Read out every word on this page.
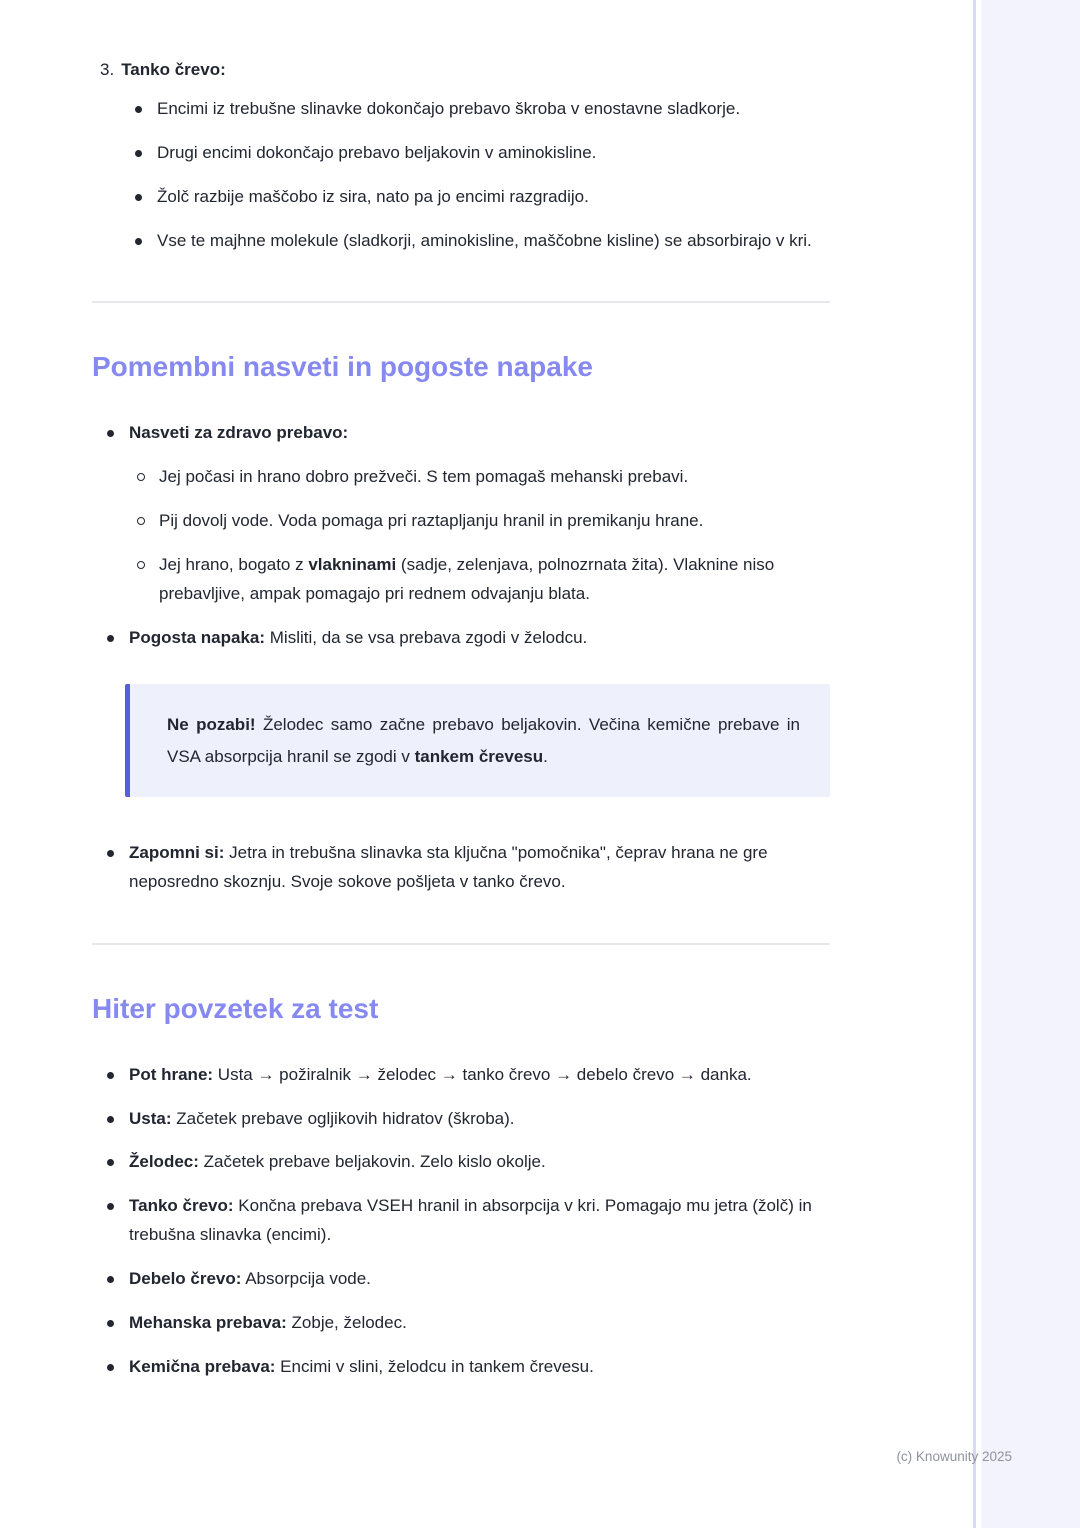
3. Tanko črevo:
Encimi iz trebušne slinavke dokončajo prebavo škroba v enostavne sladkorje.
Drugi encimi dokončajo prebavo beljakovin v aminokisline.
Žolč razbije maščobo iz sira, nato pa jo encimi razgradijo.
Vse te majhne molekule (sladkorji, aminokisline, maščobne kisline) se absorbirajo v kri.
Pomembni nasveti in pogoste napake
Nasveti za zdravo prebavo:
Jej počasi in hrano dobro prežveči. S tem pomagaš mehanski prebavi.
Pij dovolj vode. Voda pomaga pri raztapljanju hranil in premikanju hrane.
Jej hrano, bogato z vlakninami (sadje, zelenjava, polnozrnata žita). Vlaknine niso prebavljive, ampak pomagajo pri rednem odvajanju blata.
Pogosta napaka: Misliti, da se vsa prebava zgodi v želodcu.

Ne pozabi! Želodec samo začne prebavo beljakovin. Večina kemične prebave in VSA absorpcija hranil se zgodi v tankem črevesu.

Zapomni si: Jetra in trebušna slinavka sta ključna "pomočnika", čeprav hrana ne gre neposredno skoznju. Svoje sokove pošljeta v tanko črevo.
Hiter povzetek za test
Pot hrane: Usta → požiralnik → želodec → tanko črevo → debelo črevo → danka.
Usta: Začetek prebave ogljikovih hidratov (škroba).
Želodec: Začetek prebave beljakovin. Zelo kislo okolje.
Tanko črevo: Končna prebava VSEH hranil in absorpcija v kri. Pomagajo mu jetra (žolč) in trebušna slinavka (encimi).
Debelo črevo: Absorpcija vode.
Mehanska prebava: Zobje, želodec.
Kemična prebava: Encimi v slini, želodcu in tankem črevesu.
(c) Knowunity 2025
